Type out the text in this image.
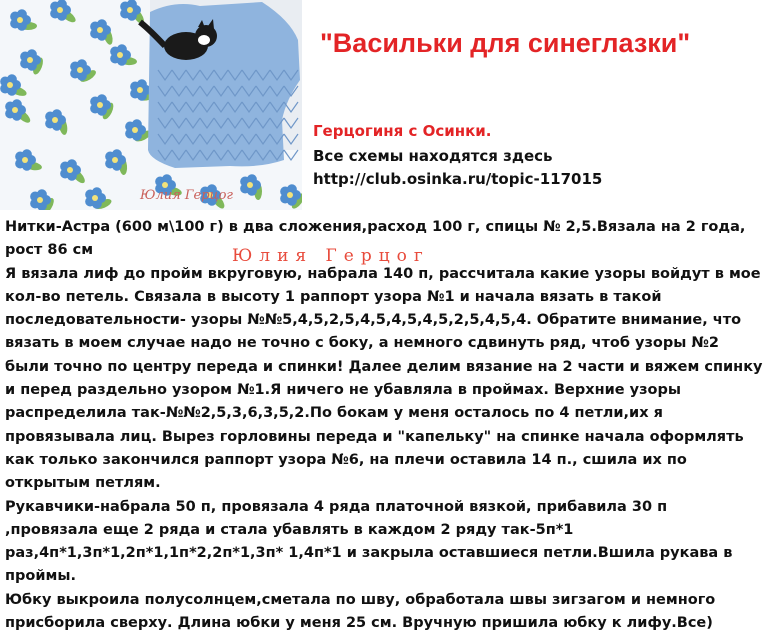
Юлия Герцог
"Васильки для синеглазки"
Герцогиня с Осинки.
Все схемы находятся здесь
http://club.osinka.ru/topic-117015

Нитки-Астра (600 м\100 г) в два сложения,расход 100 г, спицы № 2,5.Вязала на 2 года, рост 86 см

Я вязала лиф до пройм вкруговую, набрала 140 п, рассчитала какие узоры войдут в мое кол-во петель. Связала в высоту 1 раппорт узора №1 и начала вязать в такой последовательности- узоры №№5,4,5,2,5,4,5,4,5,4,5,2,5,4,5,4. Обратите внимание, что вязать в моем случае надо не точно с боку, а немного сдвинуть ряд, чтоб узоры №2 были точно по центру переда и спинки! Далее делим вязание на 2 части и вяжем спинку и перед раздельно узором №1.Я ничего не убавляла в проймах. Верхние узоры распределила так-№№2,5,3,6,3,5,2.По бокам у меня осталось по 4 петли,их я провязывала лиц. Вырез горловины переда и "капельку" на спинке начала оформлять как только закончился раппорт узора №6, на плечи оставила 14 п., сшила их по открытым петлям.

Рукавчики-набрала 50 п, провязала 4 ряда платочной вязкой, прибавила 30 п ,провязала еще 2 ряда и стала убавлять в каждом 2 ряду так-5п*1 раз,4п*1,3п*1,2п*1,1п*2,2п*1,3п* 1,4п*1 и закрыла оставшиеся петли.Вшила рукава в проймы.

Юбку выкроила полусолнцем,сметала по шву, обработала швы зигзагом и немного присборила сверху. Длина юбки у меня 25 см. Вручную пришила юбку к лифу.Все)

Юлия Герцог
